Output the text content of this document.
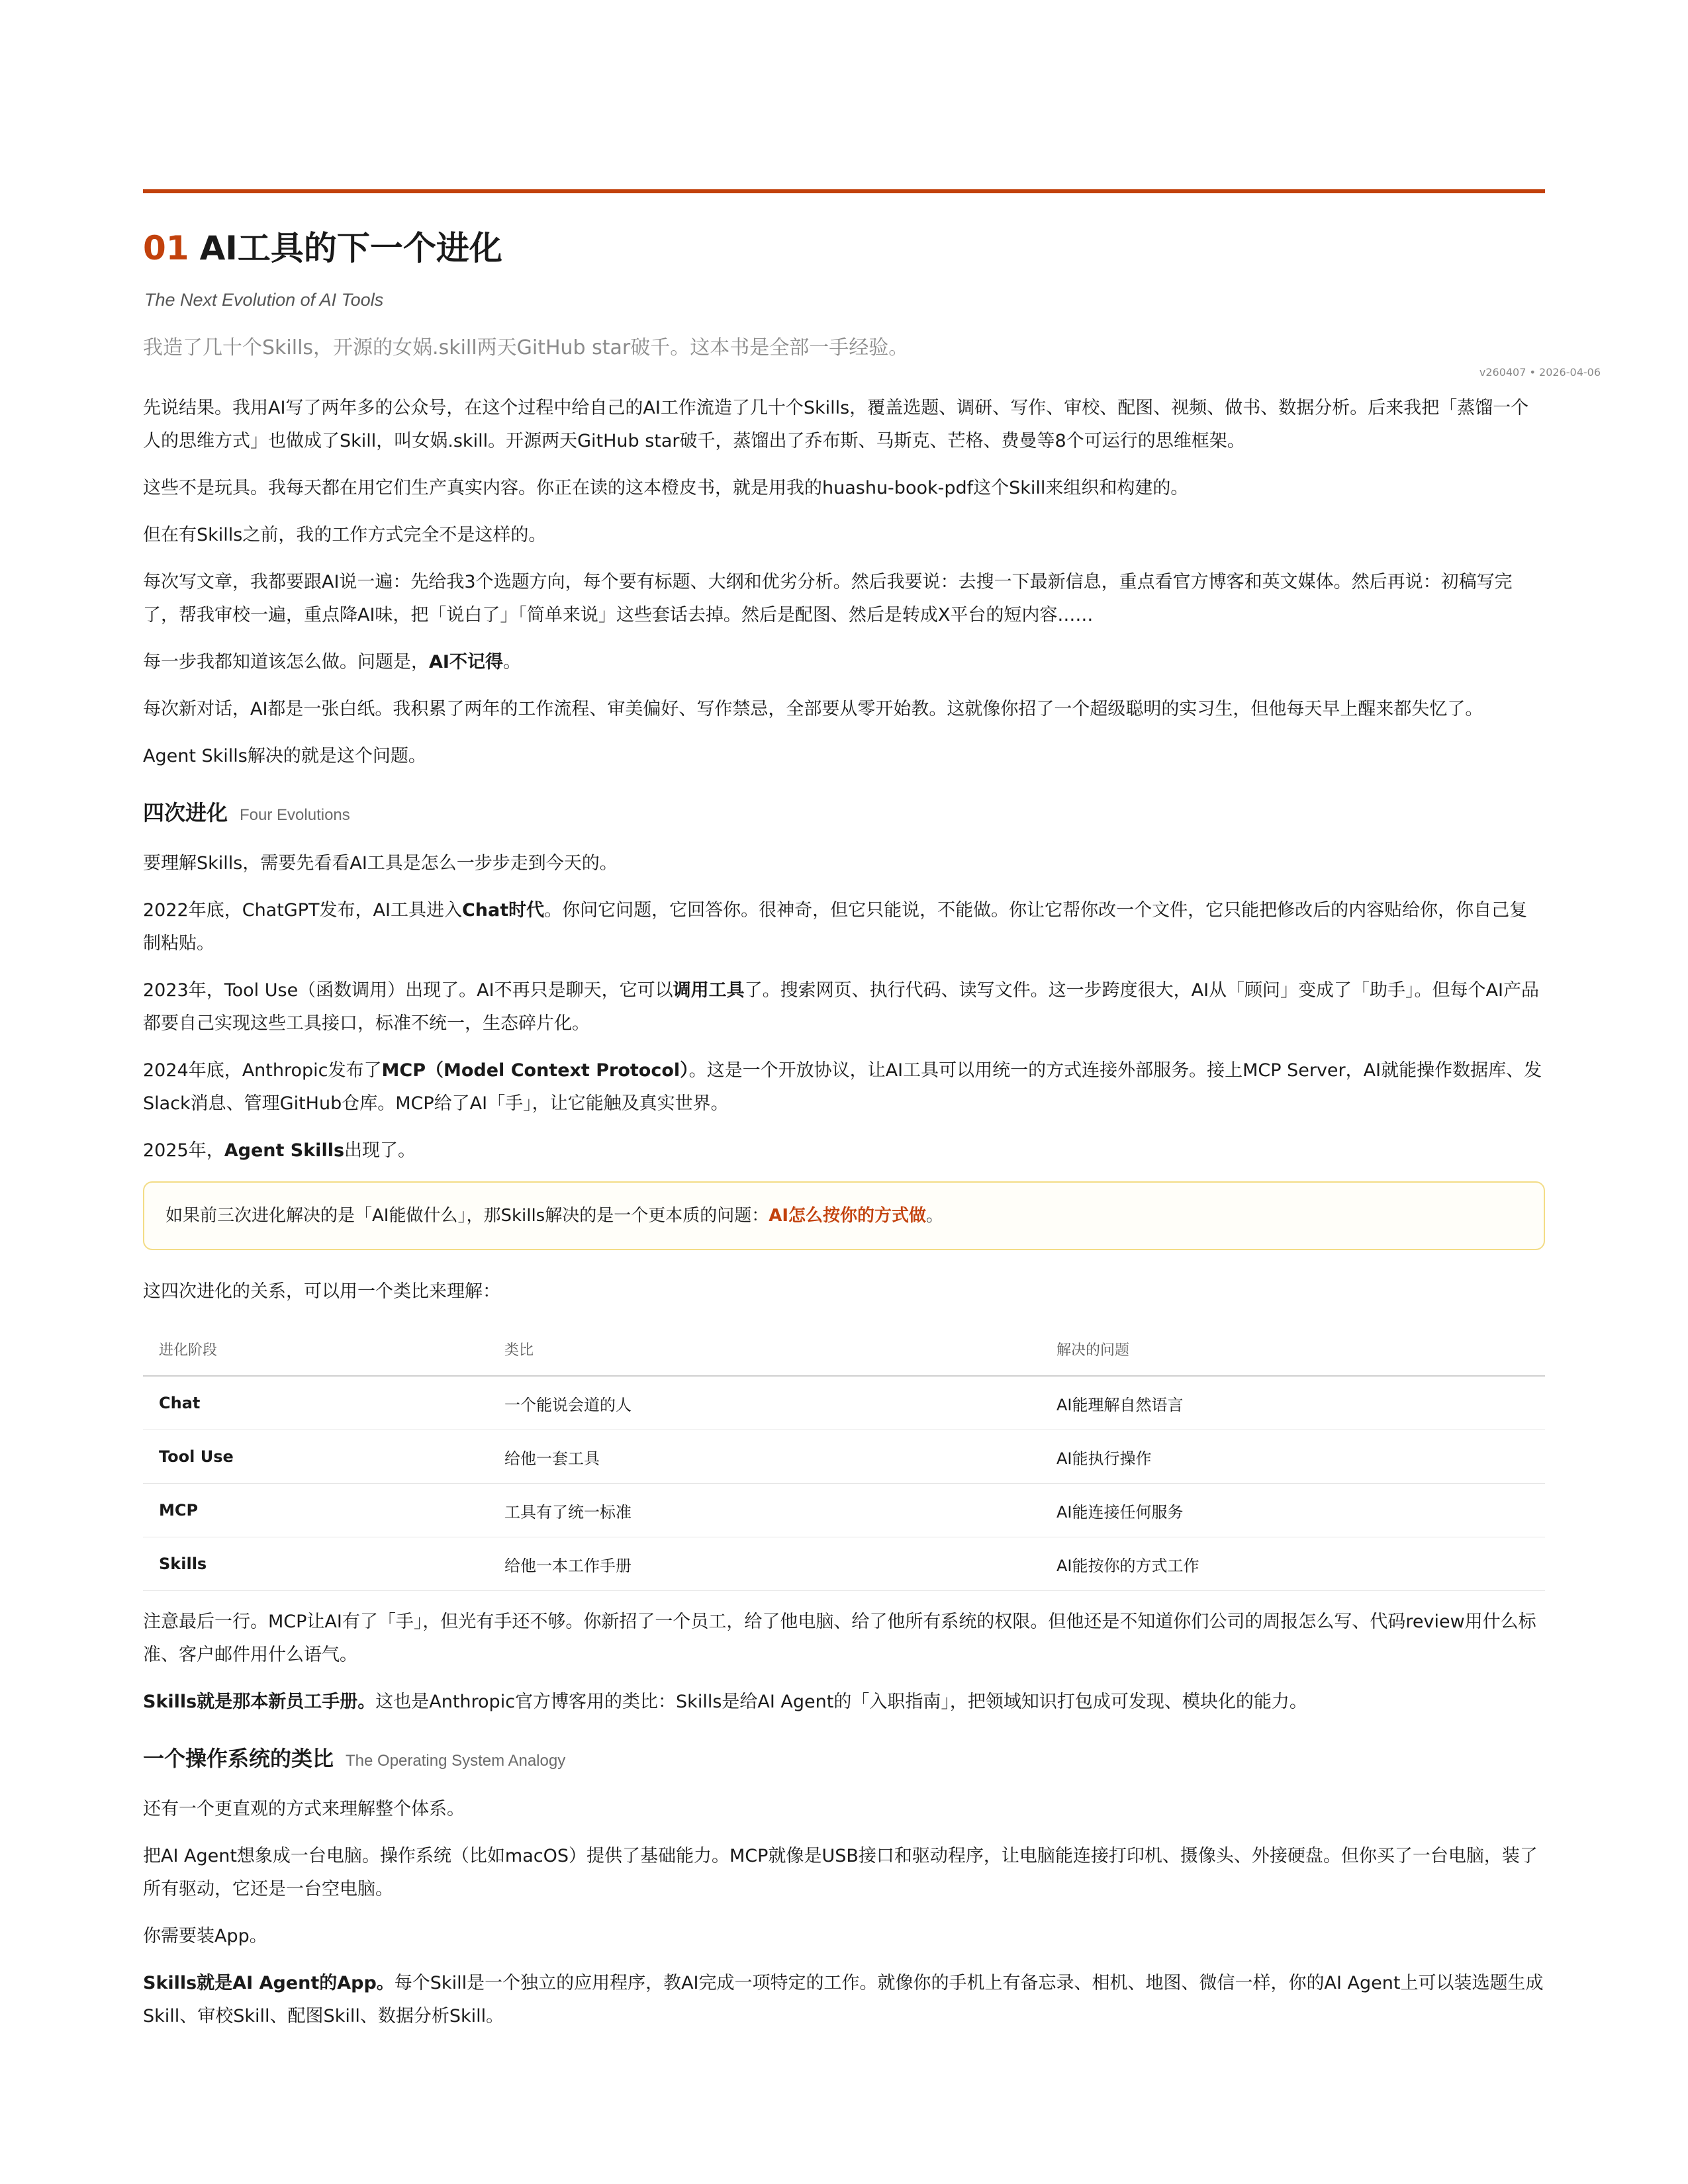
01 AI工具的下一个进化
The Next Evolution of AI Tools
我造了几十个Skills，开源的女娲.skill两天GitHub star破千。这本书是全部一手经验。
v260407 • 2026-04-06

先说结果。我用AI写了两年多的公众号，在这个过程中给自己的AI工作流造了几十个Skills，覆盖选题、调研、写作、审校、配图、视频、做书、数据分析。后来我把「蒸馏一个人的思维方式」也做成了Skill，叫女娲.skill。开源两天GitHub star破千，蒸馏出了乔布斯、马斯克、芒格、费曼等8个可运行的思维框架。

这些不是玩具。我每天都在用它们生产真实内容。你正在读的这本橙皮书，就是用我的huashu-book-pdf这个Skill来组织和构建的。

但在有Skills之前，我的工作方式完全不是这样的。

每次写文章，我都要跟AI说一遍：先给我3个选题方向，每个要有标题、大纲和优劣分析。然后我要说：去搜一下最新信息，重点看官方博客和英文媒体。然后再说：初稿写完了，帮我审校一遍，重点降AI味，把「说白了」「简单来说」这些套话去掉。然后是配图、然后是转成X平台的短内容……

每一步我都知道该怎么做。问题是，AI不记得。

每次新对话，AI都是一张白纸。我积累了两年的工作流程、审美偏好、写作禁忌，全部要从零开始教。这就像你招了一个超级聪明的实习生，但他每天早上醒来都失忆了。

Agent Skills解决的就是这个问题。

四次进化 Four Evolutions

要理解Skills，需要先看看AI工具是怎么一步步走到今天的。

2022年底，ChatGPT发布，AI工具进入Chat时代。你问它问题，它回答你。很神奇，但它只能说，不能做。你让它帮你改一个文件，它只能把修改后的内容贴给你，你自己复制粘贴。

2023年，Tool Use（函数调用）出现了。AI不再只是聊天，它可以调用工具了。搜索网页、执行代码、读写文件。这一步跨度很大，AI从「顾问」变成了「助手」。但每个AI产品都要自己实现这些工具接口，标准不统一，生态碎片化。

2024年底，Anthropic发布了MCP（Model Context Protocol）。这是一个开放协议，让AI工具可以用统一的方式连接外部服务。接上MCP Server，AI就能操作数据库、发Slack消息、管理GitHub仓库。MCP给了AI「手」，让它能触及真实世界。

2025年，Agent Skills出现了。

如果前三次进化解决的是「AI能做什么」，那Skills解决的是一个更本质的问题：AI怎么按你的方式做。

这四次进化的关系，可以用一个类比来理解：

进化阶段	类比	解决的问题
Chat	一个能说会道的人	AI能理解自然语言
Tool Use	给他一套工具	AI能执行操作
MCP	工具有了统一标准	AI能连接任何服务
Skills	给他一本工作手册	AI能按你的方式工作

注意最后一行。MCP让AI有了「手」，但光有手还不够。你新招了一个员工，给了他电脑、给了他所有系统的权限。但他还是不知道你们公司的周报怎么写、代码review用什么标准、客户邮件用什么语气。

Skills就是那本新员工手册。这也是Anthropic官方博客用的类比：Skills是给AI Agent的「入职指南」，把领域知识打包成可发现、模块化的能力。

一个操作系统的类比 The Operating System Analogy

还有一个更直观的方式来理解整个体系。

把AI Agent想象成一台电脑。操作系统（比如macOS）提供了基础能力。MCP就像是USB接口和驱动程序，让电脑能连接打印机、摄像头、外接硬盘。但你买了一台电脑，装了所有驱动，它还是一台空电脑。

你需要装App。

Skills就是AI Agent的App。每个Skill是一个独立的应用程序，教AI完成一项特定的工作。就像你的手机上有备忘录、相机、地图、微信一样，你的AI Agent上可以装选题生成Skill、审校Skill、配图Skill、数据分析Skill。
